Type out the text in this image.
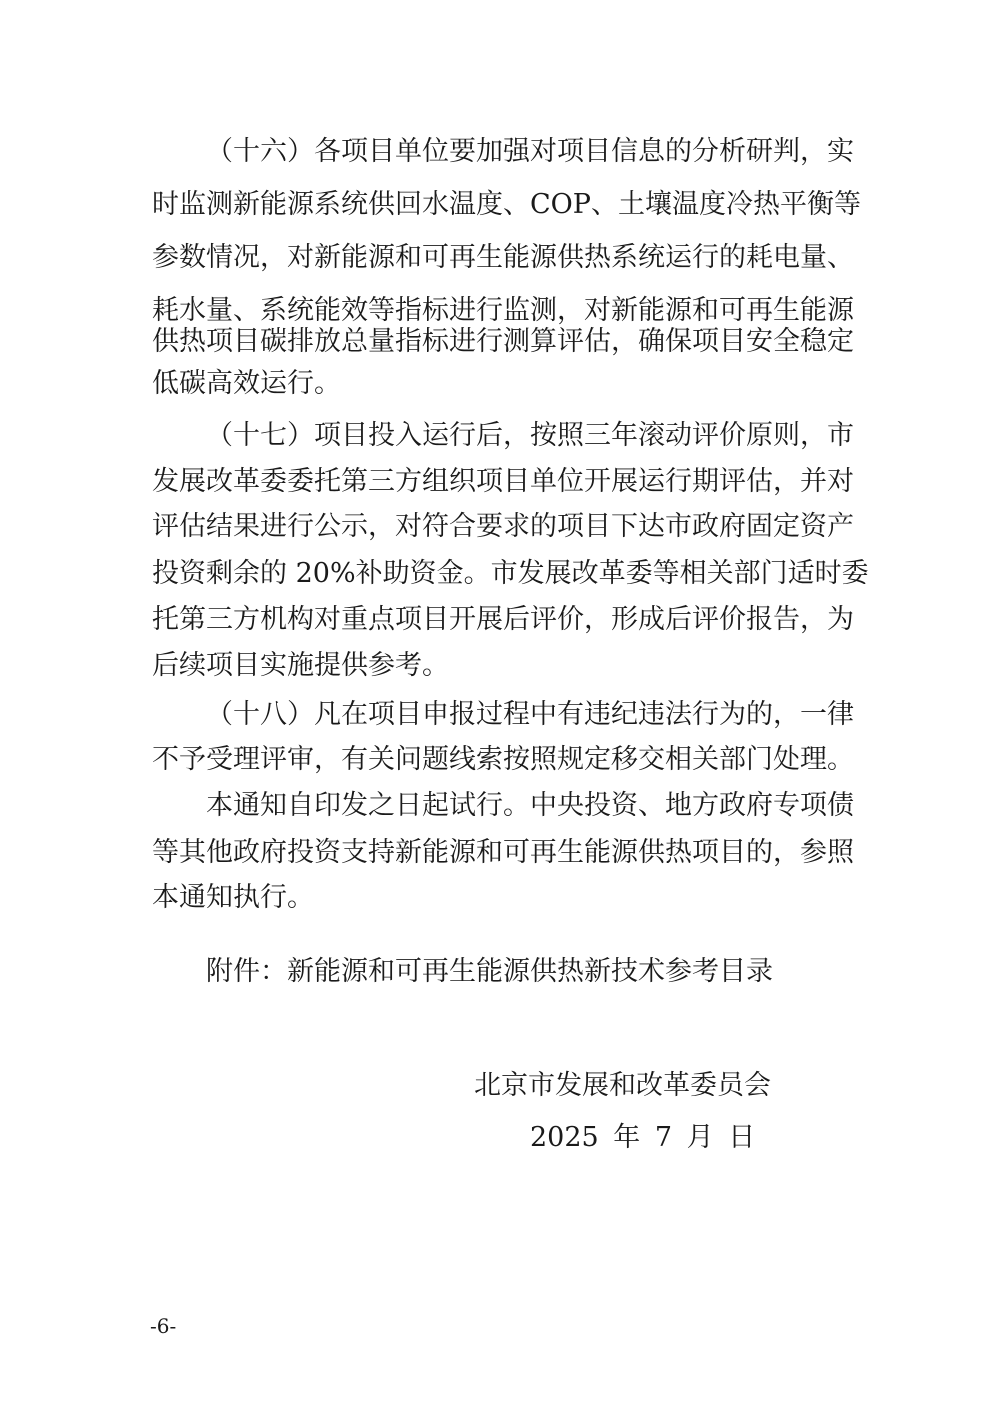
（十六）各项目单位要加强对项目信息的分析研判，实
时监测新能源系统供回水温度、COP、土壤温度冷热平衡等
参数情况，对新能源和可再生能源供热系统运行的耗电量、
耗水量、系统能效等指标进行监测，对新能源和可再生能源
供热项目碳排放总量指标进行测算评估，确保项目安全稳定
低碳高效运行。
（十七）项目投入运行后，按照三年滚动评价原则，市
发展改革委委托第三方组织项目单位开展运行期评估，并对
评估结果进行公示，对符合要求的项目下达市政府固定资产
投资剩余的 20%补助资金。市发展改革委等相关部门适时委
托第三方机构对重点项目开展后评价，形成后评价报告，为
后续项目实施提供参考。
（十八）凡在项目申报过程中有违纪违法行为的，一律
不予受理评审，有关问题线索按照规定移交相关部门处理。
本通知自印发之日起试行。中央投资、地方政府专项债
等其他政府投资支持新能源和可再生能源供热项目的，参照
本通知执行。
附件：新能源和可再生能源供热新技术参考目录
北京市发展和改革委员会
2025 年 7 月 日
-6-
